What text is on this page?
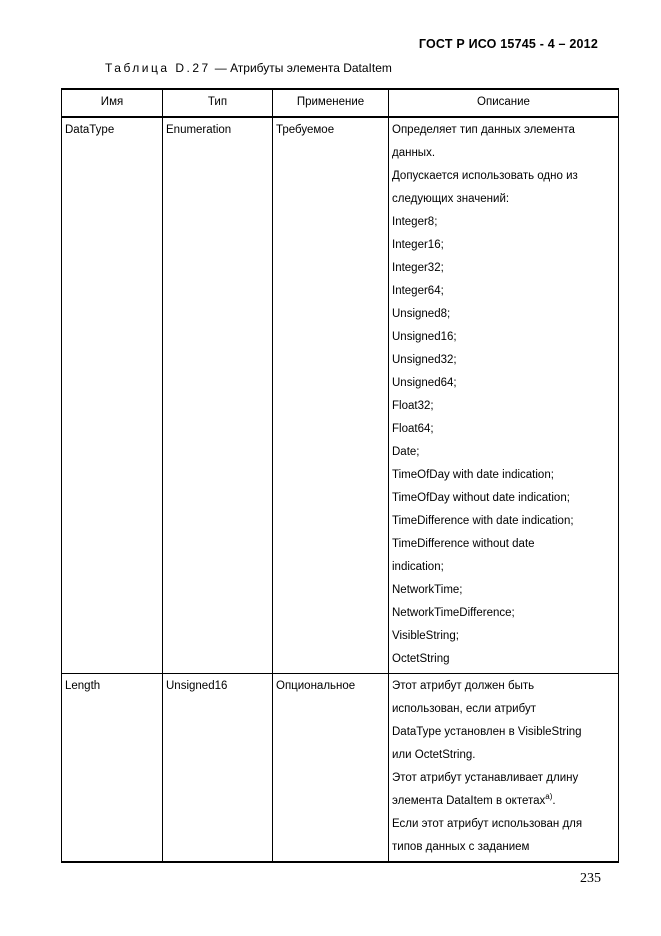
ГОСТ Р ИСО 15745 - 4 – 2012
Таблица D.27 — Атрибуты элемента DataItem
Имя	Тип	Применение	Описание
DataType	Enumeration	Требуемое	Определяет тип данных элемента
данных.
Допускается использовать одно из
следующих значений:
Integer8;
Integer16;
Integer32;
Integer64;
Unsigned8;
Unsigned16;
Unsigned32;
Unsigned64;
Float32;
Float64;
Date;
TimeOfDay with date indication;
TimeOfDay without date indication;
TimeDifference with date indication;
TimeDifference without date
indication;
NetworkTime;
NetworkTimeDifference;
VisibleString;
OctetString

Length	Unsigned16	Опциональное	Этот атрибут должен быть
использован, если атрибут
DataType установлен в VisibleString
или OctetString.
Этот атрибут устанавливает длину
элемента DataItem в октетах$^{a)}$.
Если этот атрибут использован для
типов данных с заданием
235
